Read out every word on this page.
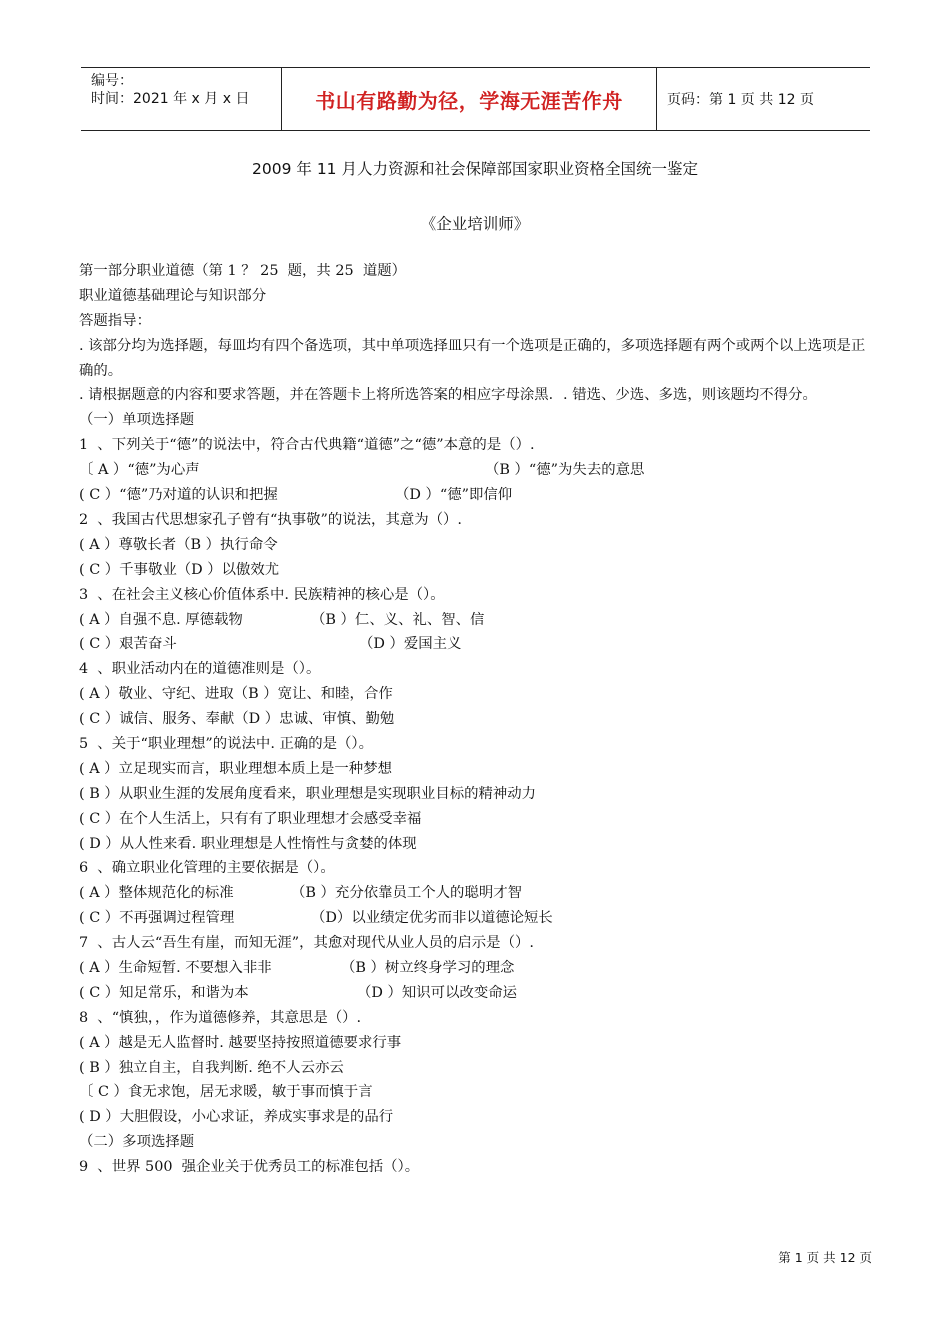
编号：
时间：2021 年 x 月 x 日	书山有路勤为径，学海无涯苦作舟	页码：第 1 页 共 12 页
2009 年 11 月人力资源和社会保障部国家职业资格全国统一鉴定
《企业培训师》
第一部分职业道德（第 1 ？ 25  题，共 25  道题）
职业道德基础理论与知识部分
答题指导：
. 该部分均为选择题，每皿均有四个备选项，其中单项选择皿只有一个选项是正确的，多项选择题有两个或两个以上选项是正确的。
. 请根据题意的内容和要求答题，并在答题卡上将所选答案的相应字母涂黑．. 错选、少选、多选，则该题均不得分。
（一）单项选择题
1  、下列关于“德”的说法中，符合古代典籍“道德”之“德”本意的是（）.

〔 A ）“德”为心声

	（B ）“德”为失去的意思

( C ）“德”乃对道的认识和把握

	（D ）“德”即信仰

2  、我国古代思想家孔子曾有“执事敬”的说法，其意为（）.
( A ）尊敬长者（B ）执行命令
( C ）千事敬业（D ）以傲效尤
3  、在社会主义核心价值体系中. 民族精神的核心是（）。

( A ）自强不息. 厚德载物

	（B ）仁、义、礼、智、信

( C ）艰苦奋斗

	（D ）爱国主义

4  、职业活动内在的道德准则是（）。
( A ）敬业、守纪、进取（B ）宽让、和睦，合作
( C ）诚信、服务、奉献（D ）忠诚、审慎、勤勉
5  、关于“职业理想”的说法中. 正确的是（）。
( A ）立足现实而言，职业理想本质上是一种梦想
( B ）从职业生涯的发展角度看来，职业理想是实现职业目标的精神动力
( C ）在个人生活上，只有有了职业理想才会感受幸福
( D ）从人性来看. 职业理想是人性惰性与贪婪的体现
6  、确立职业化管理的主要依据是（）。

( A ）整体规范化的标准

	（B ）充分依靠员工个人的聪明才智

( C ）不再强调过程管理

	（D）以业绩定优劣而非以道德论短长

7  、古人云“吾生有崖，而知无涯”，其愈对现代从业人员的启示是（）.

( A ）生命短暂. 不要想入非非

	（B ）树立终身学习的理念

( C ）知足常乐，和谐为本

	（D ）知识可以改变命运

8  、“慎独，，作为道德修养，其意思是（）.
( A ）越是无人监督时. 越要坚持按照道德要求行事
( B ）独立自主，自我判断. 绝不人云亦云
〔 C ）食无求饱，居无求暖，敏于事而慎于言
( D ）大胆假设，小心求证，养成实事求是的品行
（二）多项选择题
9  、世界 500  强企业关于优秀员工的标准包括（）。
第 1 页 共 12 页
